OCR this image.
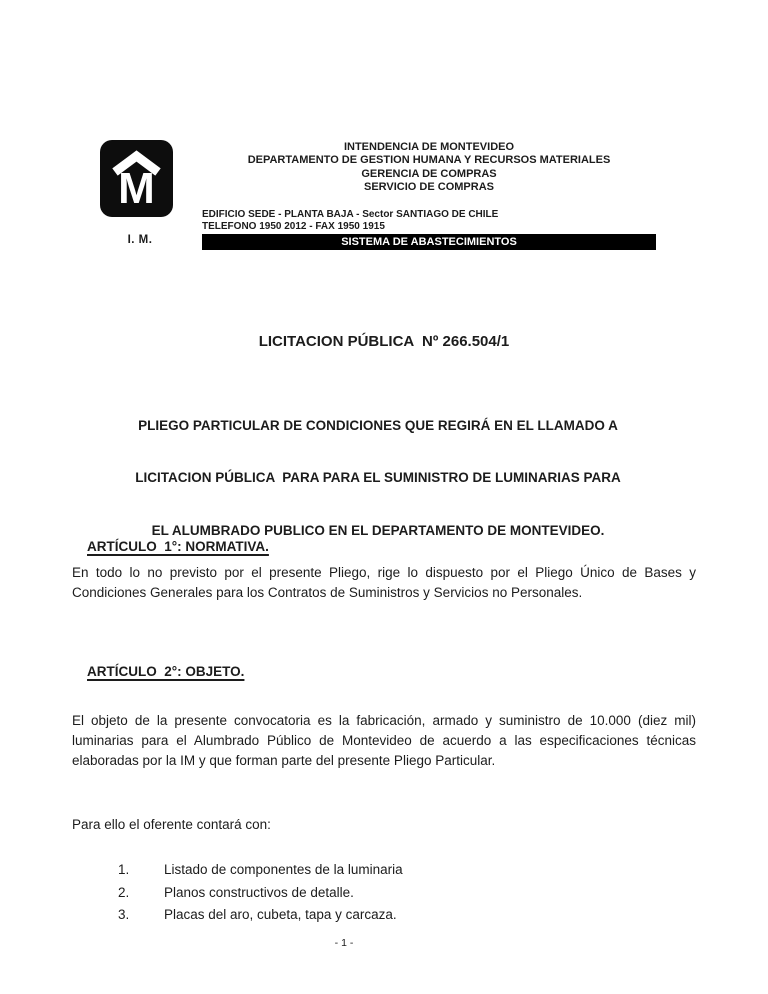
M
I. M.
INTENDENCIA DE MONTEVIDEO
DEPARTAMENTO DE GESTION HUMANA Y RECURSOS MATERIALES
GERENCIA DE COMPRAS
SERVICIO DE COMPRAS
EDIFICIO SEDE - PLANTA BAJA - Sector SANTIAGO DE CHILE
TELEFONO 1950 2012 - FAX 1950 1915
SISTEMA DE ABASTECIMIENTOS
LICITACION PÚBLICA  Nº 266.504/1

PLIEGO PARTICULAR DE CONDICIONES QUE REGIRÁ EN EL LLAMADO A

LICITACION PÚBLICA  PARA PARA EL SUMINISTRO DE LUMINARIAS PARA

EL ALUMBRADO PUBLICO EN EL DEPARTAMENTO DE MONTEVIDEO.

ARTÍCULO  1°: NORMATIVA.

En todo lo no previsto por el presente Pliego, rige lo dispuesto por el Pliego Único de Bases y Condiciones Generales para los Contratos de Suministros y Servicios no Personales.

ARTÍCULO  2°: OBJETO.

El objeto de la presente convocatoria es la fabricación, armado y suministro de 10.000 (diez mil) luminarias para el Alumbrado Público de Montevideo de acuerdo a las especificaciones técnicas elaboradas por la IM y que forman parte del presente Pliego Particular.
Para ello el oferente contará con:
1.	Listado de componentes de la luminaria
2.	Planos constructivos de detalle.
3.	Placas del aro, cubeta, tapa y carcaza.
- 1 -
